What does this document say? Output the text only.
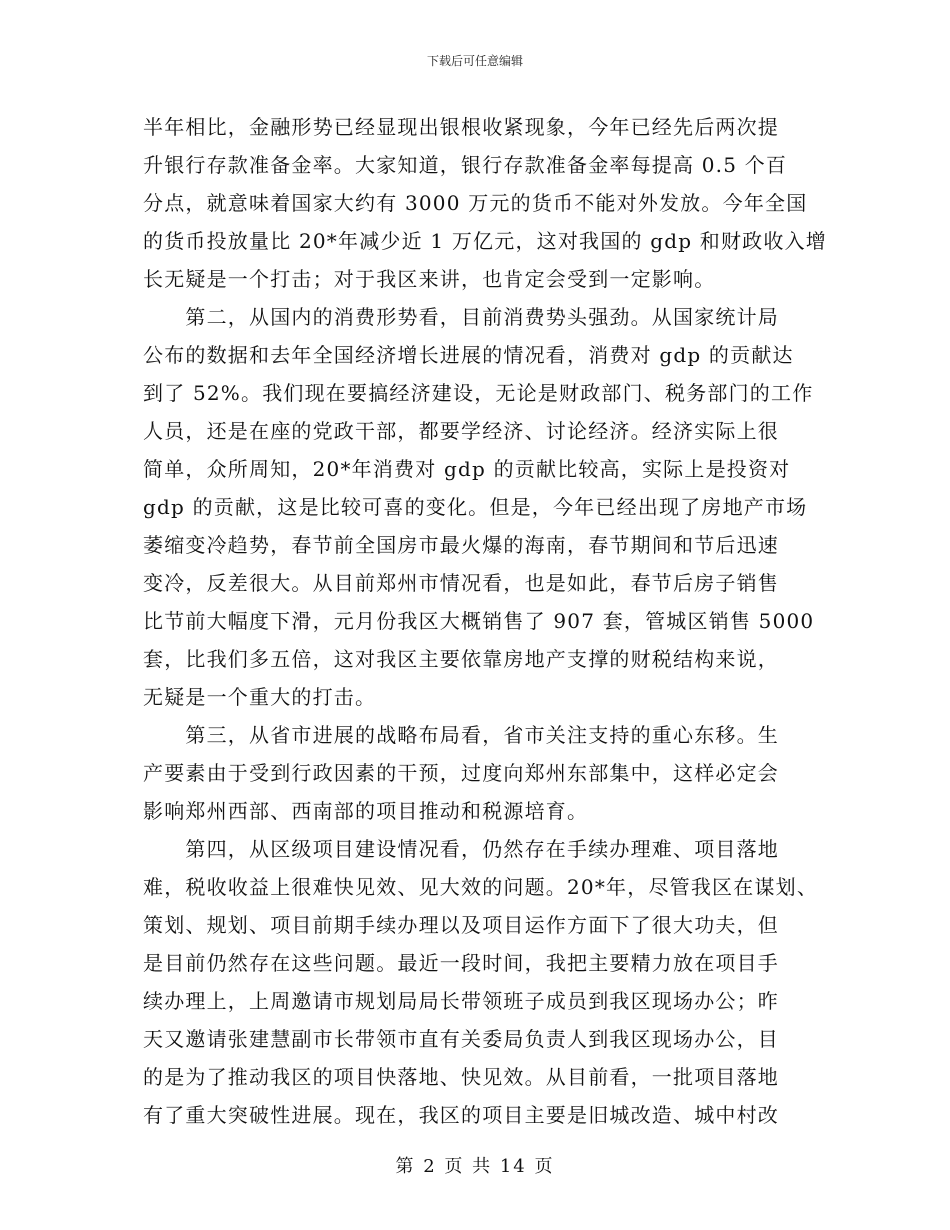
下载后可任意编辑
半年相比，金融形势已经显现出银根收紧现象，今年已经先后两次提
升银行存款准备金率。大家知道，银行存款准备金率每提高 0.5 个百
分点，就意味着国家大约有 3000 万元的货币不能对外发放。今年全国
的货币投放量比 20*年减少近 1 万亿元，这对我国的 gdp 和财政收入增
长无疑是一个打击；对于我区来讲，也肯定会受到一定影响。
　　第二，从国内的消费形势看，目前消费势头强劲。从国家统计局
公布的数据和去年全国经济增长进展的情况看，消费对 gdp 的贡献达
到了 52%。我们现在要搞经济建设，无论是财政部门、税务部门的工作
人员，还是在座的党政干部，都要学经济、讨论经济。经济实际上很
简单，众所周知，20*年消费对 gdp 的贡献比较高，实际上是投资对
gdp 的贡献，这是比较可喜的变化。但是，今年已经出现了房地产市场
萎缩变冷趋势，春节前全国房市最火爆的海南，春节期间和节后迅速
变冷，反差很大。从目前郑州市情况看，也是如此，春节后房子销售
比节前大幅度下滑，元月份我区大概销售了 907 套，管城区销售 5000
套，比我们多五倍，这对我区主要依靠房地产支撑的财税结构来说，
无疑是一个重大的打击。
　　第三，从省市进展的战略布局看，省市关注支持的重心东移。生
产要素由于受到行政因素的干预，过度向郑州东部集中，这样必定会
影响郑州西部、西南部的项目推动和税源培育。
　　第四，从区级项目建设情况看，仍然存在手续办理难、项目落地
难，税收收益上很难快见效、见大效的问题。20*年，尽管我区在谋划、
策划、规划、项目前期手续办理以及项目运作方面下了很大功夫，但
是目前仍然存在这些问题。最近一段时间，我把主要精力放在项目手
续办理上，上周邀请市规划局局长带领班子成员到我区现场办公；昨
天又邀请张建慧副市长带领市直有关委局负责人到我区现场办公，目
的是为了推动我区的项目快落地、快见效。从目前看，一批项目落地
有了重大突破性进展。现在，我区的项目主要是旧城改造、城中村改
第 2 页 共 14 页
